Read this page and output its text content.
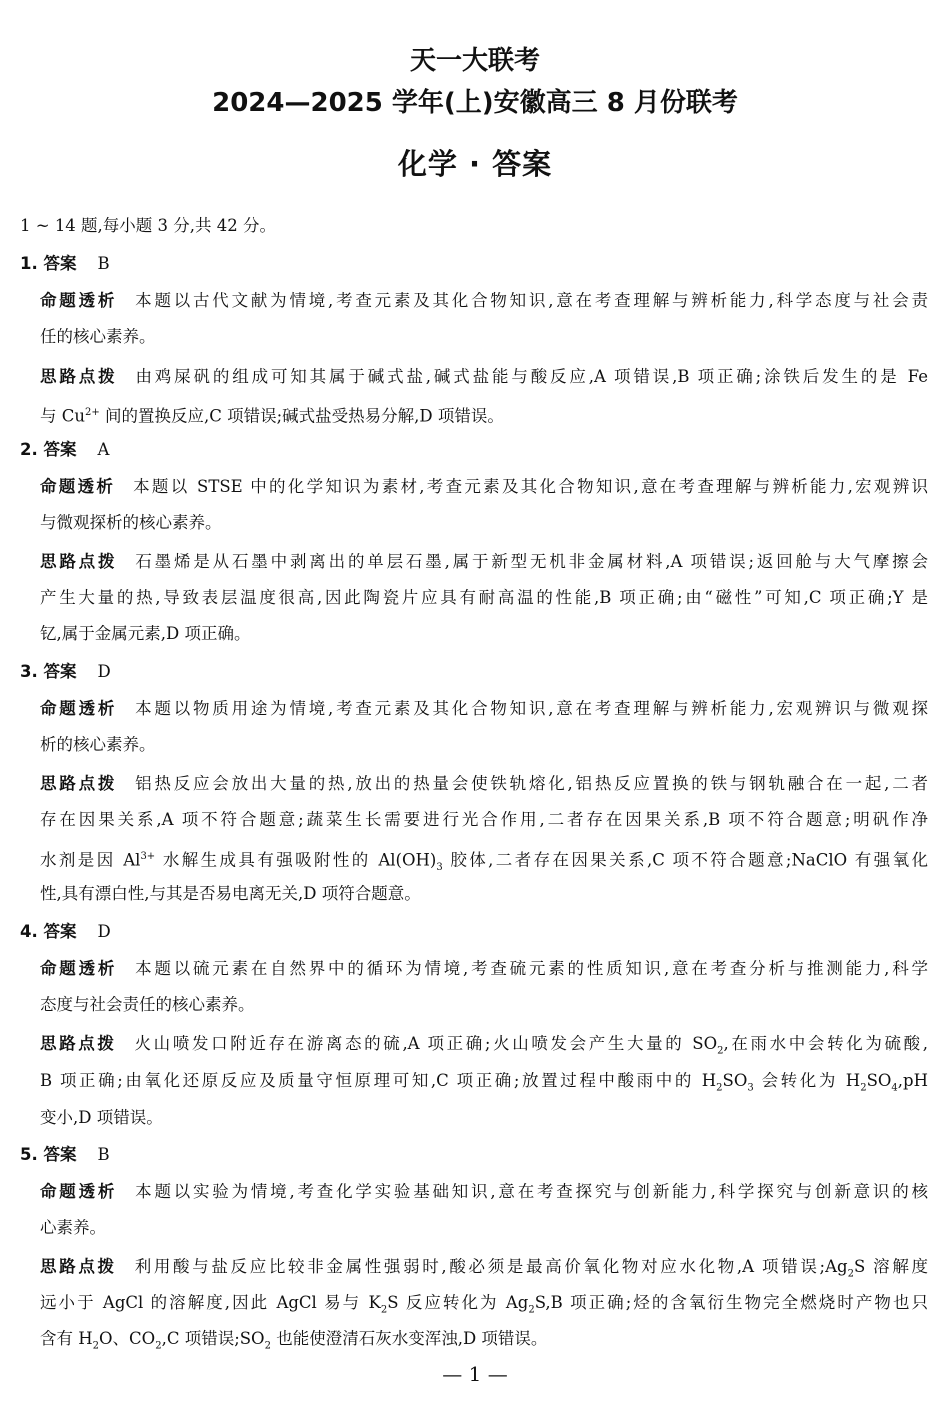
天一大联考
2024—2025 学年(上)安徽高三 8 月份联考
化学 · 答案
1 ~ 14 题,每小题 3 分,共 42 分。
1. 答案 B
命题透析 本题以古代文献为情境,考查元素及其化合物知识,意在考查理解与辨析能力,科学态度与社会责
任的核心素养。
思路点拨 由鸡屎矾的组成可知其属于碱式盐,碱式盐能与酸反应,A 项错误,B 项正确;涂铁后发生的是 Fe
与 $Cu^{2+}$ 间的置换反应,C 项错误;碱式盐受热易分解,D 项错误。
2. 答案 A
命题透析 本题以 STSE 中的化学知识为素材,考查元素及其化合物知识,意在考查理解与辨析能力,宏观辨识
与微观探析的核心素养。
思路点拨 石墨烯是从石墨中剥离出的单层石墨,属于新型无机非金属材料,A 项错误;返回舱与大气摩擦会
产生大量的热,导致表层温度很高,因此陶瓷片应具有耐高温的性能,B 项正确;由“磁性”可知,C 项正确;Y 是
钇,属于金属元素,D 项正确。
3. 答案 D
命题透析 本题以物质用途为情境,考查元素及其化合物知识,意在考查理解与辨析能力,宏观辨识与微观探
析的核心素养。
思路点拨 铝热反应会放出大量的热,放出的热量会使铁轨熔化,铝热反应置换的铁与钢轨融合在一起,二者
存在因果关系,A 项不符合题意;蔬菜生长需要进行光合作用,二者存在因果关系,B 项不符合题意;明矾作净
水剂是因 $Al^{3+}$ 水解生成具有强吸附性的 $Al(OH)_3$ 胶体,二者存在因果关系,C 项不符合题意;NaClO 有强氧化
性,具有漂白性,与其是否易电离无关,D 项符合题意。
4. 答案 D
命题透析 本题以硫元素在自然界中的循环为情境,考查硫元素的性质知识,意在考查分析与推测能力,科学
态度与社会责任的核心素养。
思路点拨 火山喷发口附近存在游离态的硫,A 项正确;火山喷发会产生大量的 $SO_2$,在雨水中会转化为硫酸,
B 项正确;由氧化还原反应及质量守恒原理可知,C 项正确;放置过程中酸雨中的 $H_2SO_3$ 会转化为 $H_2SO_4,pH$
变小,D 项错误。
5. 答案 B
命题透析 本题以实验为情境,考查化学实验基础知识,意在考查探究与创新能力,科学探究与创新意识的核
心素养。
思路点拨 利用酸与盐反应比较非金属性强弱时,酸必须是最高价氧化物对应水化物,A 项错误$;Ag_2S$ 溶解度
远小于 AgCl 的溶解度,因此 AgCl 易与 $K_2S$ 反应转化为 $Ag_2S,B$ 项正确;烃的含氧衍生物完全燃烧时产物也只
含有 $H_2O$、$CO_2,C$ 项错误$;SO_2$ 也能使澄清石灰水变浑浊,D 项错误。
— 1 —
